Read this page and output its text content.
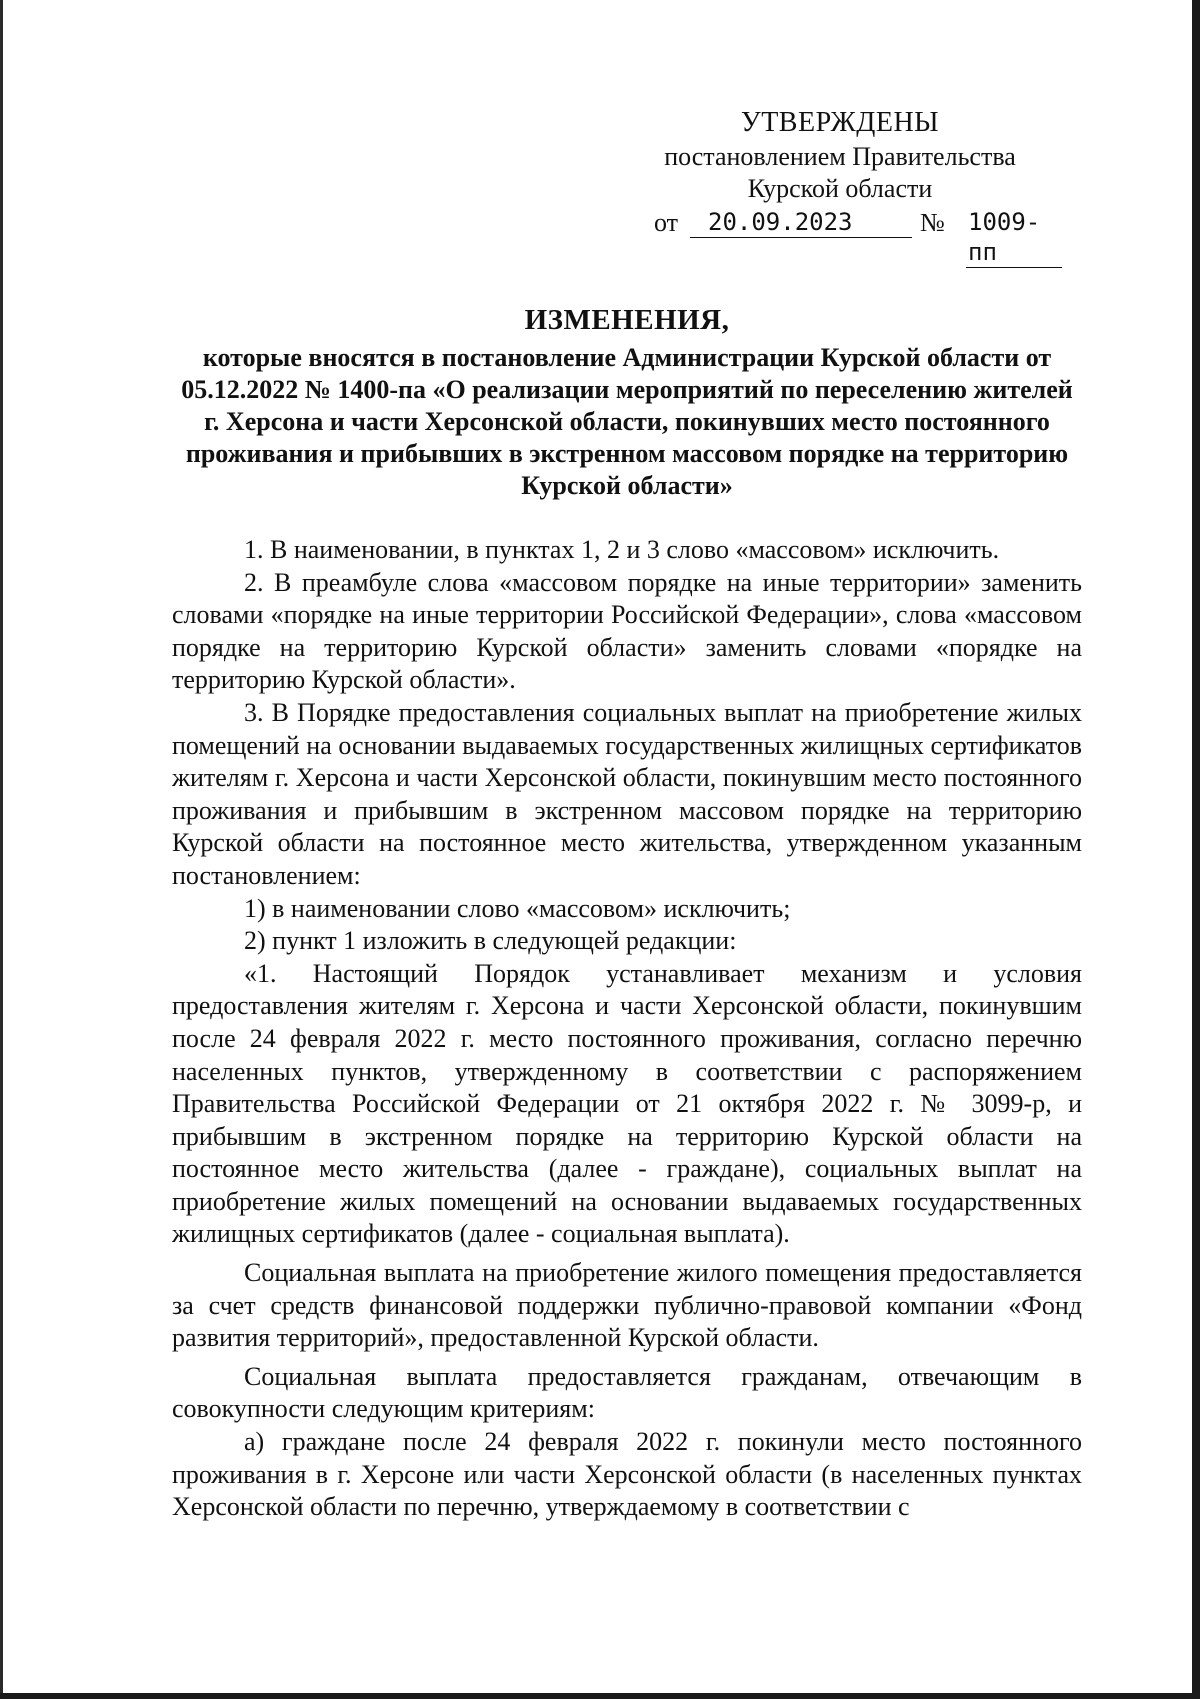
УТВЕРЖДЕНЫ
постановлением Правительства
Курской области
от	20.09.2023	№ 1009-пп
ИЗМЕНЕНИЯ,
которые вносятся в постановление Администрации Курской области от 05.12.2022 № 1400-па «О реализации мероприятий по переселению жителей г. Херсона и части Херсонской области, покинувших место постоянного проживания и прибывших в экстренном массовом порядке на территорию Курской области»

1. В наименовании, в пунктах 1, 2 и 3 слово «массовом» исключить.

2. В преамбуле слова «массовом порядке на иные территории» заменить словами «порядке на иные территории Российской Федерации», слова «массовом порядке на территорию Курской области» заменить словами «порядке на территорию Курской области».

3. В Порядке предоставления социальных выплат на приобретение жилых помещений на основании выдаваемых государственных жилищных сертификатов жителям г. Херсона и части Херсонской области, покинувшим место постоянного проживания и прибывшим в экстренном массовом порядке на территорию Курской области на постоянное место жительства, утвержденном указанным постановлением:

1) в наименовании слово «массовом» исключить;

2) пункт 1 изложить в следующей редакции:

«1. Настоящий Порядок устанавливает механизм и условия предоставления жителям г. Херсона и части Херсонской области, покинувшим после 24 февраля 2022 г. место постоянного проживания, согласно перечню населенных пунктов, утвержденному в соответствии с распоряжением Правительства Российской Федерации от 21 октября 2022 г. № 3099-р, и прибывшим в экстренном порядке на территорию Курской области на постоянное место жительства (далее - граждане), социальных выплат на приобретение жилых помещений на основании выдаваемых государственных жилищных сертификатов (далее - социальная выплата).

Социальная выплата на приобретение жилого помещения предоставляется за счет средств финансовой поддержки публично-правовой компании «Фонд развития территорий», предоставленной Курской области.

Социальная выплата предоставляется гражданам, отвечающим в совокупности следующим критериям:

а) граждане после 24 февраля 2022 г. покинули место постоянного проживания в г. Херсоне или части Херсонской области (в населенных пунктах Херсонской области по перечню, утверждаемому в соответствии с
